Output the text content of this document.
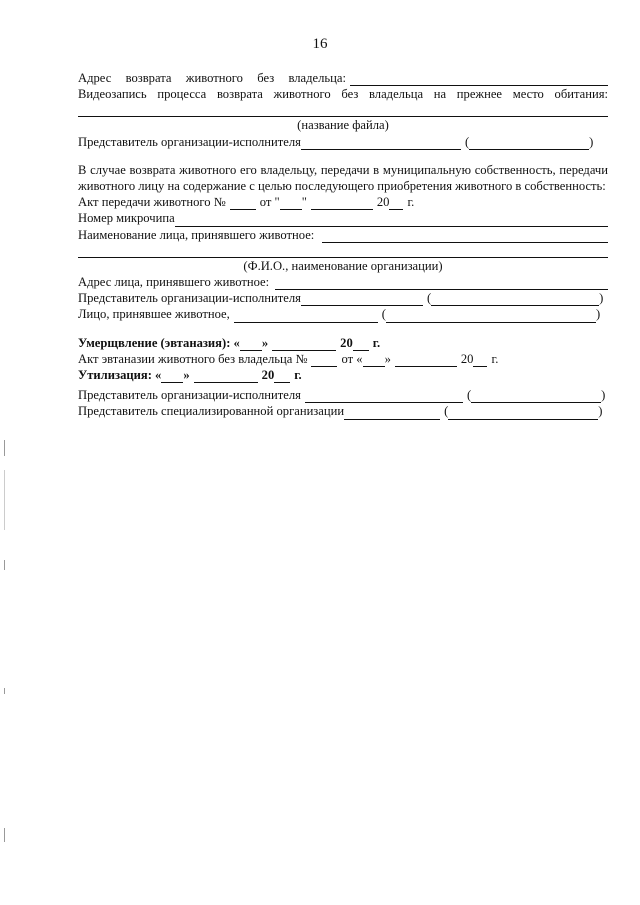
16
Адрес возврата животного без владельца:
Видеозапись процесса возврата животного без владельца на прежнее место обитания:
(название файла)
Представитель организации-исполнителя	(	)
В случае возврата животного его владельцу, передачи в муниципальную собственность, передачи животного лицу на содержание с целью последующего приобретения животного в собственность:
Акт передачи животного №	от " "	20 г.
Номер микрочипа
Наименование лица, принявшего животное:
(Ф.И.О., наименование организации)
Адрес лица, принявшего животное:
Представитель организации-исполнителя	(	)
Лицо, принявшее животное,	(	)
Умерщвление (эвтаназия): « »	20 г.
Акт эвтаназии животного без владельца №	от « »	20 г.
Утилизация: « »	20 г.
Представитель организации-исполнителя	(	)
Представитель специализированной организации	(	)
